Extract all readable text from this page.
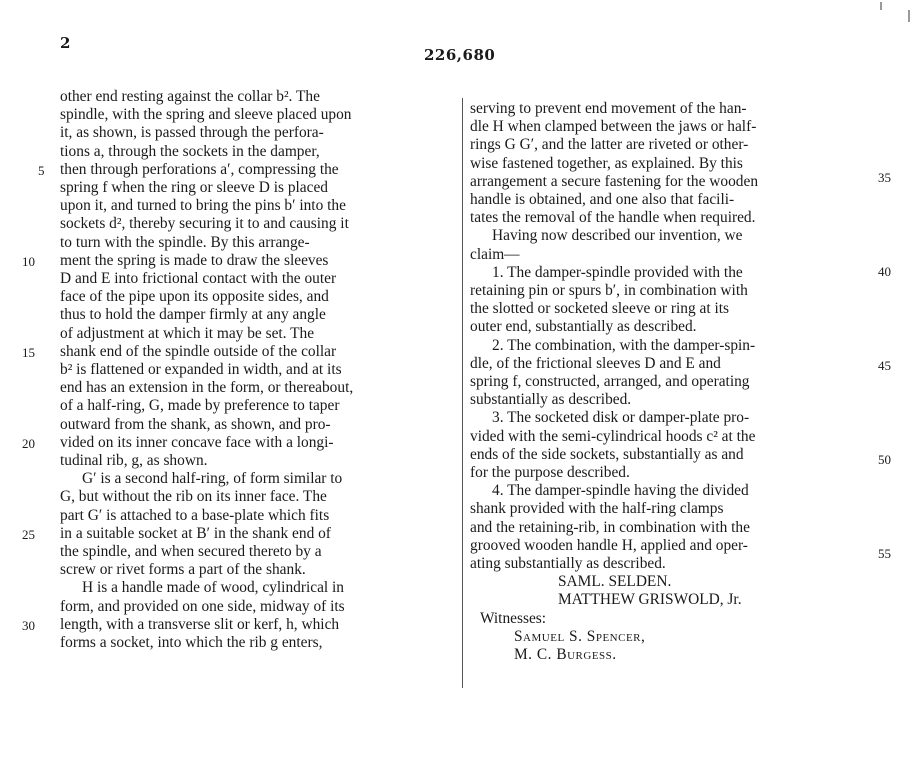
2
226,680
other end resting against the collar b². The
spindle, with the spring and sleeve placed upon
it, as shown, is passed through the perfora-
tions a, through the sockets in the damper,
then through perforations a′, compressing the
spring f when the ring or sleeve D is placed
upon it, and turned to bring the pins b′ into the
sockets d², thereby securing it to and causing it
to turn with the spindle. By this arrange-
ment the spring is made to draw the sleeves
D and E into frictional contact with the outer
face of the pipe upon its opposite sides, and
thus to hold the damper firmly at any angle
of adjustment at which it may be set. The
shank end of the spindle outside of the collar
b² is flattened or expanded in width, and at its
end has an extension in the form, or thereabout,
of a half-ring, G, made by preference to taper
outward from the shank, as shown, and pro-
vided on its inner concave face with a longi-
tudinal rib, g, as shown.
G′ is a second half-ring, of form similar to
G, but without the rib on its inner face. The
part G′ is attached to a base-plate which fits
in a suitable socket at B′ in the shank end of
the spindle, and when secured thereto by a
screw or rivet forms a part of the shank.
H is a handle made of wood, cylindrical in
form, and provided on one side, midway of its
length, with a transverse slit or kerf, h, which
forms a socket, into which the rib g enters,
5
10
15
20
25
30
serving to prevent end movement of the han-
dle H when clamped between the jaws or half-
rings G G′, and the latter are riveted or other-
wise fastened together, as explained. By this
arrangement a secure fastening for the wooden
handle is obtained, and one also that facili-
tates the removal of the handle when required.
Having now described our invention, we
claim—
1. The damper-spindle provided with the
retaining pin or spurs b′, in combination with
the slotted or socketed sleeve or ring at its
outer end, substantially as described.
2. The combination, with the damper-spin-
dle, of the frictional sleeves D and E and
spring f, constructed, arranged, and operating
substantially as described.
3. The socketed disk or damper-plate pro-
vided with the semi-cylindrical hoods c² at the
ends of the side sockets, substantially as and
for the purpose described.
4. The damper-spindle having the divided
shank provided with the half-ring clamps
and the retaining-rib, in combination with the
grooved wooden handle H, applied and oper-
ating substantially as described.
SAML. SELDEN.
MATTHEW GRISWOLD, Jr.
Witnesses:
Samuel S. Spencer,
M. C. Burgess.
35
40
45
50
55
